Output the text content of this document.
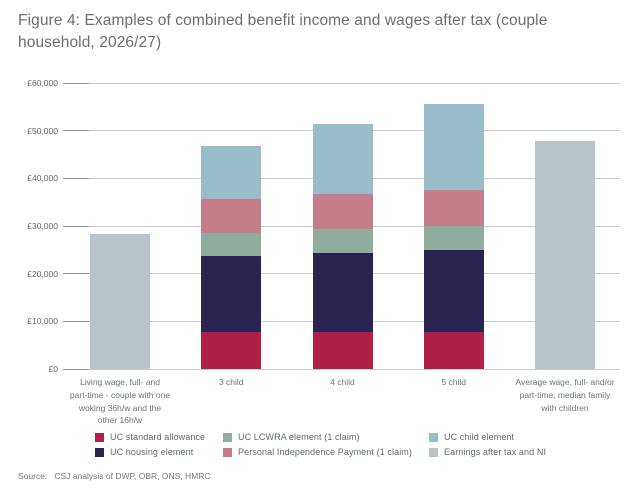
Figure 4: Examples of combined benefit income and wages after tax (couple household, 2026/27)
UC standard allowance	UC LCWRA element (1 claim)	UC child element
UC housing element	Personal Independence Payment (1 claim)	Earnings after tax and NI
Source:   CSJ analysis of DWP, OBR, ONS, HMRC
£0
£10,000
£20,000
£30,000
£40,000
£50,000
£60,000
Living wage, full- and
part-time - couple with one
woking 36h/w and the
other 16h/w
3 child	4 child	5 child	Average wage, full- and/or
part-time, median family
with children
